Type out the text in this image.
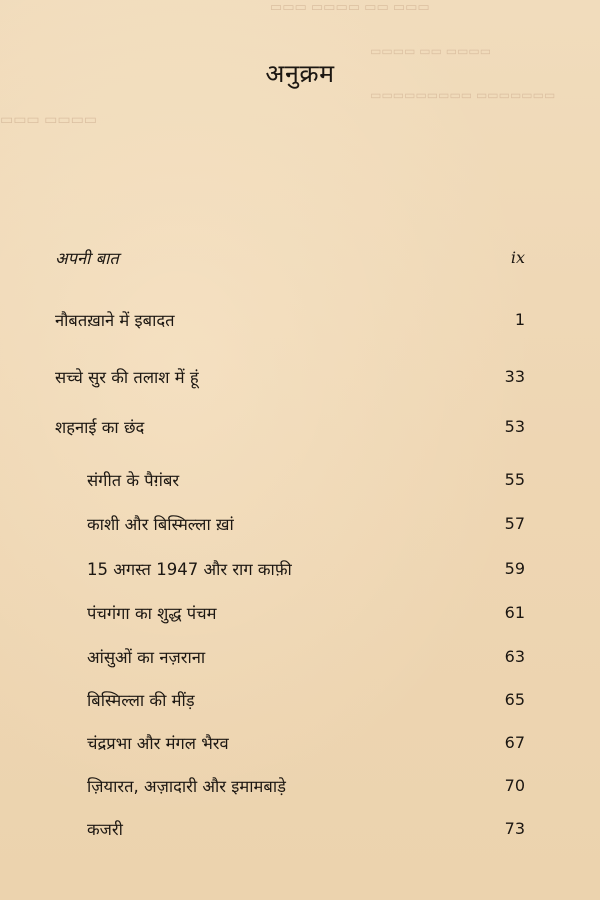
▭▭▭ ▭▭ ▭▭▭▭ ▭▭▭
▭▭▭▭ ▭▭ ▭▭▭▭
▭▭▭▭▭▭▭ ▭▭▭▭▭▭▭▭▭
▭▭▭▭ ▭▭▭
अनुक्रम
अपनी बात	ix
नौबतख़ाने में इबादत	1
सच्चे सुर की तलाश में हूं	33
शहनाई का छंद	53
संगीत के पैग़ंबर	55
काशी और बिस्मिल्ला ख़ां	57
15 अगस्त 1947 और राग काफ़ी	59
पंचगंगा का शुद्ध पंचम	61
आंसुओं का नज़राना	63
बिस्मिल्ला की मींड़	65
चंद्रप्रभा और मंगल भैरव	67
ज़ियारत, अज़ादारी और इमामबाड़े	70
कजरी	73
